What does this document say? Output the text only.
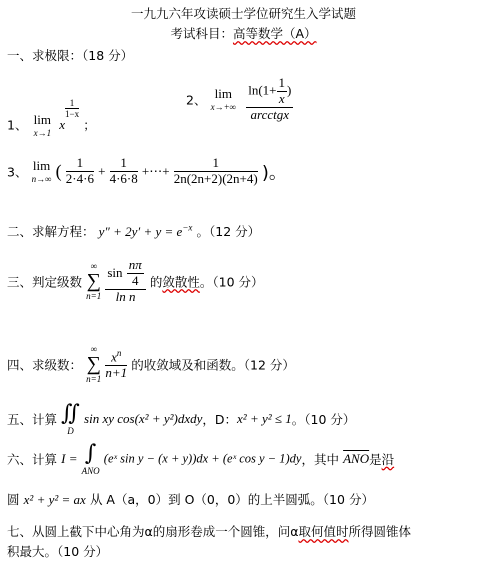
一九九六年攻读硕士学位研究生入学试题
考试科目：高等数学（A）
一、求极限：（18 分）
1、 lim
x→1
x
$\frac{1}{1-x}$
；
2、 lim
x→+∞
$\frac{\ln(1+ \frac{1}{x} )}{\text{arcctgx}}$
3、 lim
n→∞ ( $\frac{1}{2\cdot 4\cdot 6} + \frac{1}{4\cdot 6\cdot 8}$ +⋯+ $\frac{1}{2n(2n+2)(2n+4)}$ )。
二、求解方程： $y'' + 2y' + y = e^{-x}$ 。（12 分）
三、判定级数
∞
∑
n=1
$\frac{\sin \frac{n\pi}{4}}{\text{ln n}}$ 的敛散性。（10 分）
四、求级数：
∞
∑
n=1
$\frac{x^n}{n+1}$ 的收敛域及和函数。（12 分）
五、计算 ∬
D
sin xy cos(x² + y²)dxdy，D：x² + y² ≤ 1。（10 分）
六、计算 I = ∫
ANO
(eˣ sin y − (x + y))dx + (eˣ cos y − 1)dy，其中 $\overline{ANO}$是沿
圆 x² + y² = ax 从 A（a，0）到 O（0，0）的上半圆弧。（10 分）
七、从圆上截下中心角为α的扇形卷成一个圆锥，问α取何值时所得圆锥体
积最大。（10 分）
